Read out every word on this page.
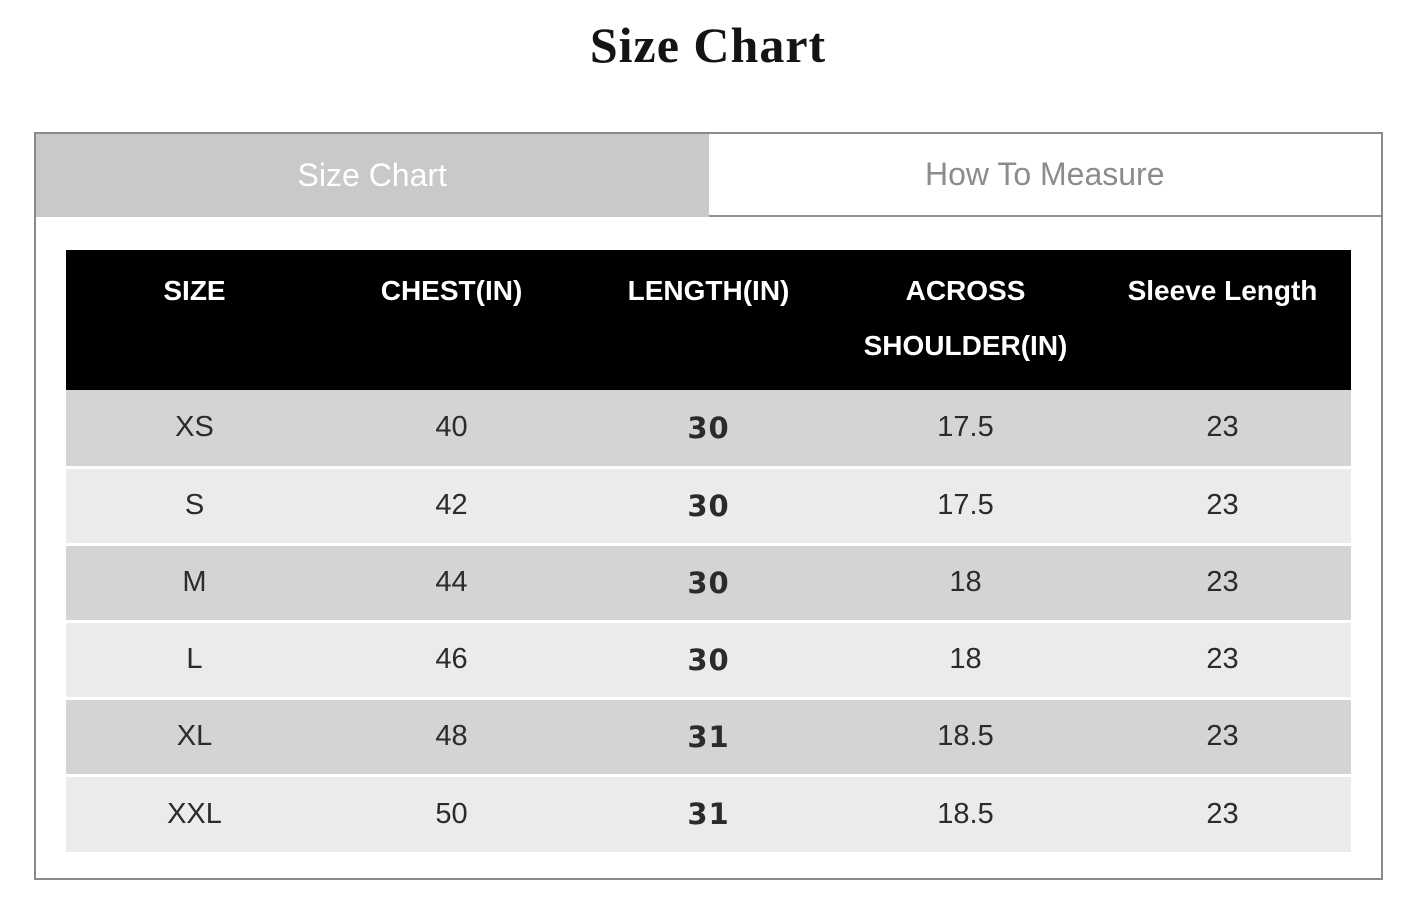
Size Chart
Size Chart	How To Measure
SIZE	CHEST(IN)	LENGTH(IN)	ACROSS SHOULDER(IN)	Sleeve Length
XS	40	30	17.5	23
S	42	30	17.5	23
M	44	30	18	23
L	46	30	18	23
XL	48	31	18.5	23
XXL	50	31	18.5	23
